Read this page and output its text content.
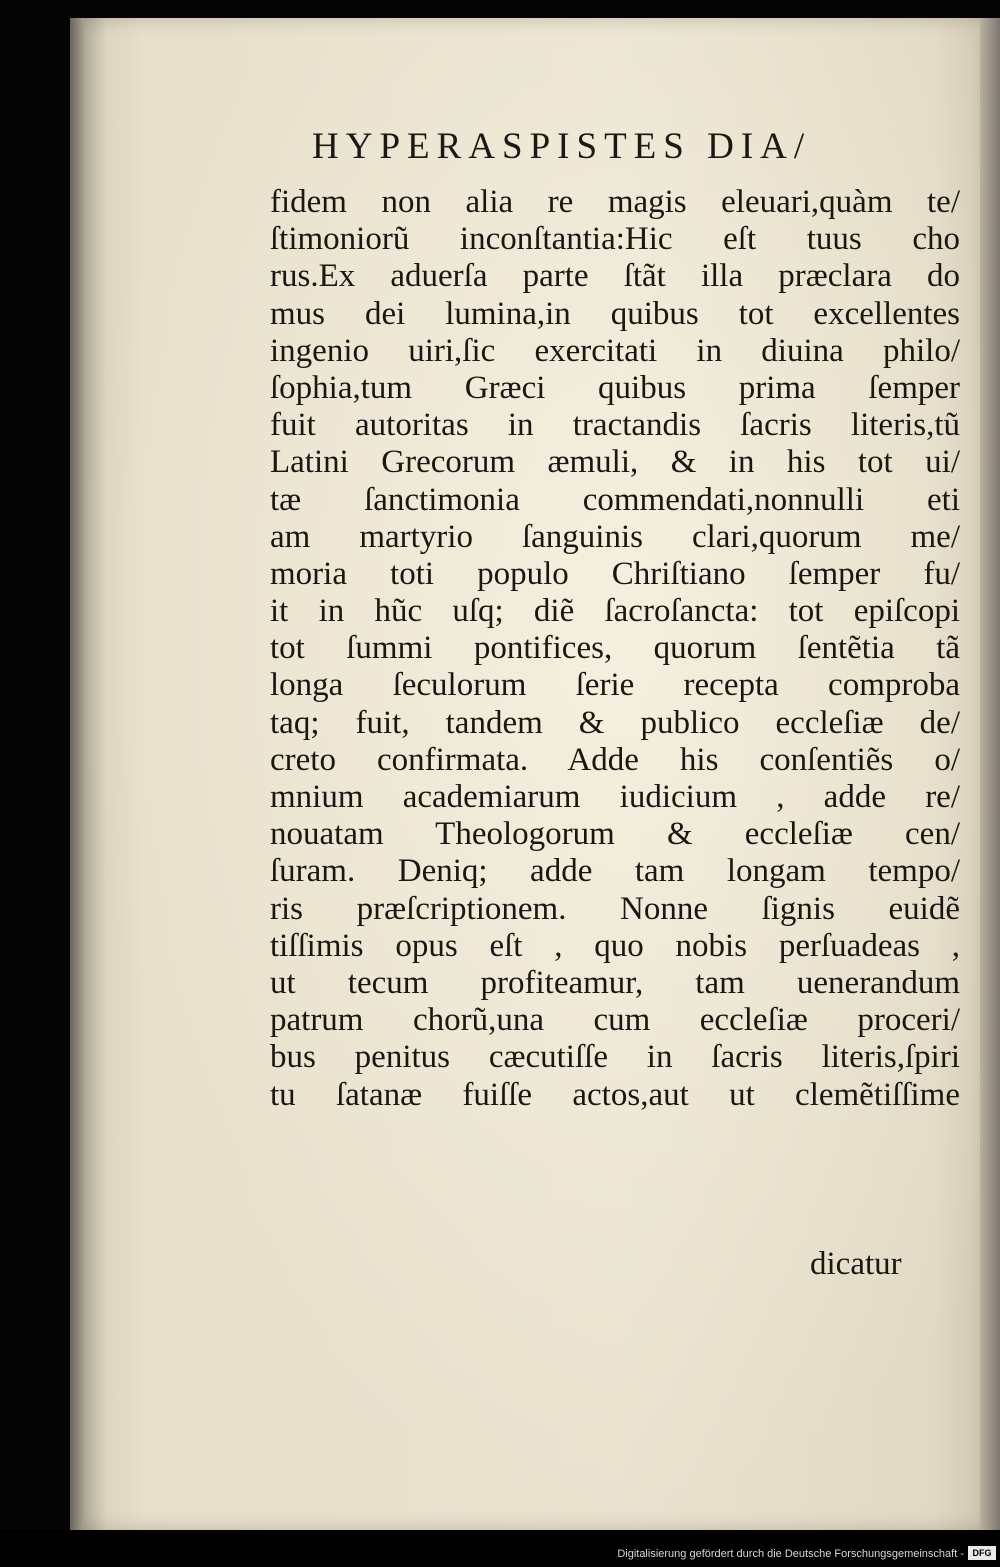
HYPERASPISTES DIA/
fidem non alia re magis eleuari,quàm te/
ſtimoniorũ inconſtantia:Hic eſt tuus cho
rus.Ex aduerſa parte ſtãt illa præclara do
mus dei lumina,in quibus tot excellentes
ingenio uiri,ſic exercitati in diuina philo/
ſophia,tum Græci quibus prima ſemper
fuit autoritas in tractandis ſacris literis,tũ
Latini Grecorum æmuli, & in his tot ui/
tæ ſanctimonia commendati,nonnulli eti
am martyrio ſanguinis clari,quorum me/
moria toti populo Chriſtiano ſemper fu/
it in hũc uſq; diẽ ſacroſancta: tot epiſcopi
tot ſummi pontifices, quorum ſentẽtia tã
longa ſeculorum ſerie recepta comproba
taq; fuit, tandem & publico eccleſiæ de/
creto confirmata. Adde his conſentiẽs o/
mnium academiarum iudicium , adde re/
nouatam Theologorum & eccleſiæ cen/
ſuram. Deniq; adde tam longam tempo/
ris præſcriptionem. Nonne ſignis euidẽ
tiſſimis opus eſt , quo nobis perſuadeas ,
ut tecum profiteamur, tam uenerandum
patrum chorũ,una cum eccleſiæ proceri/
bus penitus cæcutiſſe in ſacris literis,ſpiri
tu ſatanæ fuiſſe actos,aut ut clemẽtiſſime
dicatur
Digitalisierung gefördert durch die Deutsche Forschungsgemeinschaft - DFG
